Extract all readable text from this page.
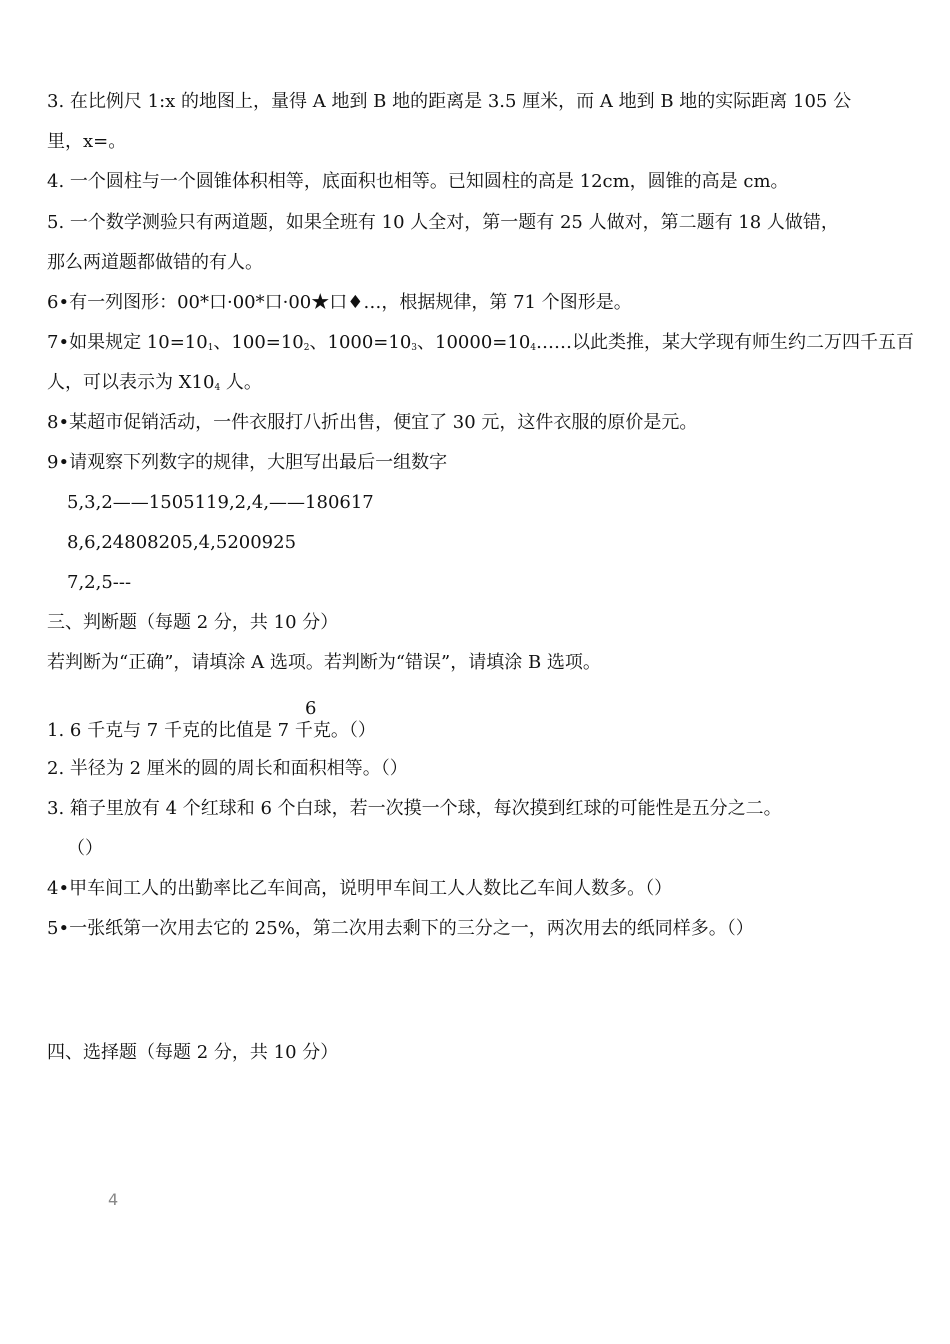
3. 在比例尺 1:x 的地图上，量得 A 地到 B 地的距离是 3.5 厘米，而 A 地到 B 地的实际距离 105 公
里，x=。
4. 一个圆柱与一个圆锥体积相等，底面积也相等。已知圆柱的高是 12cm，圆锥的高是 cm。
5. 一个数学测验只有两道题，如果全班有 10 人全对，第一题有 25 人做对，第二题有 18 人做错，
那么两道题都做错的有人。
6•有一列图形：00*口·00*口·00★口♦…，根据规律，第 71 个图形是。
7•如果规定 $10=10_1$、$100=10_2$、$1000=10_3$、$10000=10_4\dots\dots$以此类推，某大学现有师生约二万四千五百
人，可以表示为 $X10_4$ 人。
8•某超市促销活动，一件衣服打八折出售，便宜了 30 元，这件衣服的原价是元。
9•请观察下列数字的规律，大胆写出最后一组数字
5,3,2——1505119,2,4,——180617
8,6,24808205,4,5200925
7,2,5---
三、判断题（每题 2 分，共 10 分）
若判断为“正确”，请填涂 A 选项。若判断为“错误”，请填涂 B 选项。
6
1. 6 千克与 7 千克的比值是 7 千克。（）
2. 半径为 2 厘米的圆的周长和面积相等。（）
3. 箱子里放有 4 个红球和 6 个白球，若一次摸一个球，每次摸到红球的可能性是五分之二。
（）
4•甲车间工人的出勤率比乙车间高，说明甲车间工人人数比乙车间人数多。（）
5•一张纸第一次用去它的 25%，第二次用去剩下的三分之一，两次用去的纸同样多。（）
四、选择题（每题 2 分，共 10 分）
4
